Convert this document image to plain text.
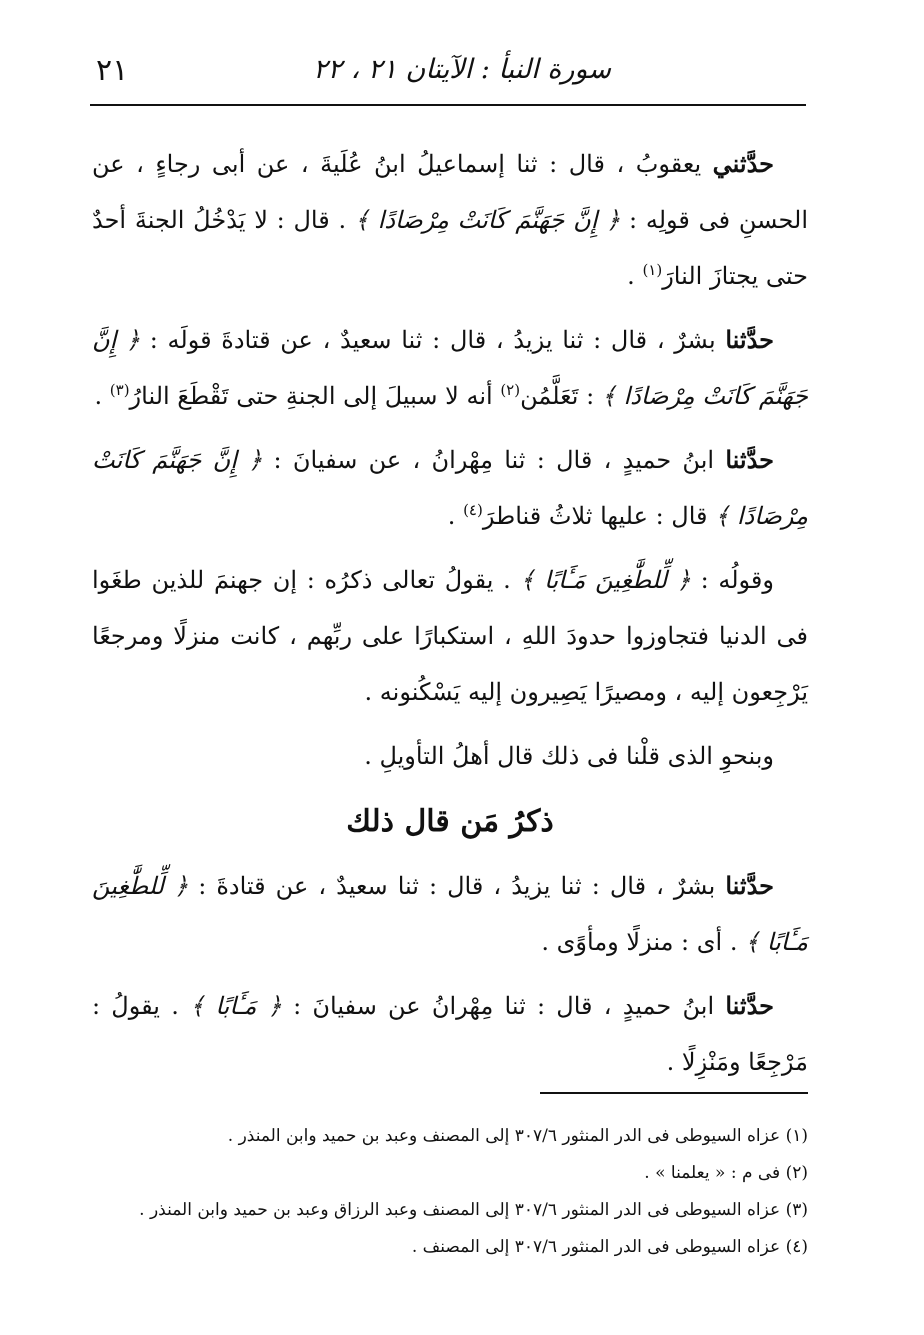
٢١	سورة النبأ : الآيتان ٢١ ، ٢٢

حدَّثني يعقوبُ ، قال : ثنا إسماعيلُ ابنُ عُلَيةَ ، عن أبى رجاءٍ ، عن الحسنِ فى قولِه : ﴿ إِنَّ جَهَنَّمَ كَانَتْ مِرْصَادًا ﴾ . قال : لا يَدْخُلُ الجنةَ أحدٌ حتى يجتازَ النارَ$^{(١)}$ .

حدَّثنا بشرٌ ، قال : ثنا يزيدُ ، قال : ثنا سعيدٌ ، عن قتادةَ قولَه : ﴿ إِنَّ جَهَنَّمَ كَانَتْ مِرْصَادًا ﴾ : تَعَلَّمُن$^{(٢)}$ أنه لا سبيلَ إلى الجنةِ حتى تَقْطَعَ النارُ$^{(٣)}$ .

حدَّثنا ابنُ حميدٍ ، قال : ثنا مِهْرانُ ، عن سفيانَ : ﴿ إِنَّ جَهَنَّمَ كَانَتْ مِرْصَادًا ﴾ قال : عليها ثلاثُ قناطرَ$^{(٤)}$ .

وقولُه : ﴿ لِّلطَّٰغِينَ مَـَٔابًا ﴾ . يقولُ تعالى ذكرُه : إن جهنمَ للذين طغَوا فى الدنيا فتجاوزوا حدودَ اللهِ ، استكبارًا على ربِّهم ، كانت منزلًا ومرجعًا يَرْجِعون إليه ، ومصيرًا يَصِيرون إليه يَسْكُنونه .

وبنحوِ الذى قلْنا فى ذلك قال أهلُ التأويلِ .

ذكرُ مَن قال ذلك

حدَّثنا بشرٌ ، قال : ثنا يزيدُ ، قال : ثنا سعيدٌ ، عن قتادةَ : ﴿ لِّلطَّٰغِينَ مَـَٔابًا ﴾ . أى : منزلًا ومأوًى .

حدَّثنا ابنُ حميدٍ ، قال : ثنا مِهْرانُ عن سفيانَ : ﴿ مَـَٔابًا ﴾ . يقولُ : مَرْجِعًا ومَنْزِلًا .

(١) عزاه السيوطى فى الدر المنثور ٣٠٧/٦ إلى المصنف وعبد بن حميد وابن المنذر .

(٢) فى م : « يعلمنا » .

(٣) عزاه السيوطى فى الدر المنثور ٣٠٧/٦ إلى المصنف وعبد الرزاق وعبد بن حميد وابن المنذر .

(٤) عزاه السيوطى فى الدر المنثور ٣٠٧/٦ إلى المصنف .
